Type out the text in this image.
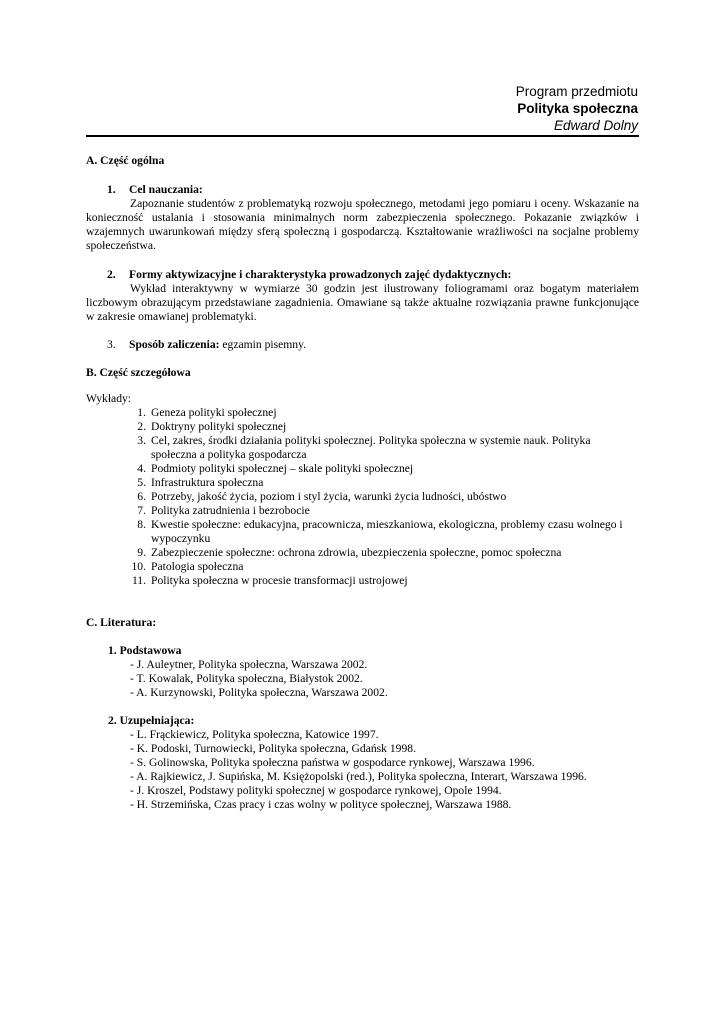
Program przedmiotu
Polityka społeczna
Edward Dolny
A. Część ogólna
1. Cel nauczania:
Zapoznanie studentów z problematyką rozwoju społecznego, metodami jego pomiaru i oceny. Wskazanie na konieczność ustalania i stosowania minimalnych norm zabezpieczenia społecznego. Pokazanie związków i wzajemnych uwarunkowań między sferą społeczną i gospodarczą. Kształtowanie wrażliwości na socjalne problemy społeczeństwa.
2. Formy aktywizacyjne i charakterystyka prowadzonych zajęć dydaktycznych:
Wykład interaktywny w wymiarze 30 godzin jest ilustrowany foliogramami oraz bogatym materiałem liczbowym obrazującym przedstawiane zagadnienia. Omawiane są także aktualne rozwiązania prawne funkcjonujące w zakresie omawianej problematyki.
3. Sposób zaliczenia: egzamin pisemny.
B. Część szczegółowa
Wykłady:
1. Geneza polityki społecznej
2. Doktryny polityki społecznej
3. Cel, zakres, środki działania polityki społecznej. Polityka społeczna w systemie nauk. Polityka społeczna a polityka gospodarcza
4. Podmioty polityki społecznej – skale polityki społecznej
5. Infrastruktura społeczna
6. Potrzeby, jakość życia, poziom i styl życia, warunki życia ludności, ubóstwo
7. Polityka zatrudnienia i bezrobocie
8. Kwestie społeczne: edukacyjna, pracownicza, mieszkaniowa, ekologiczna, problemy czasu wolnego i wypoczynku
9. Zabezpieczenie społeczne: ochrona zdrowia, ubezpieczenia społeczne, pomoc społeczna
10. Patologia społeczna
11. Polityka społeczna w procesie transformacji ustrojowej
C. Literatura:
1. Podstawowa
- J. Auleytner, Polityka społeczna, Warszawa 2002.
- T. Kowalak, Polityka społeczna, Białystok 2002.
- A. Kurzynowski, Polityka społeczna, Warszawa 2002.
2. Uzupełniająca:
- L. Frąckiewicz, Polityka społeczna, Katowice 1997.
- K. Podoski, Turnowiecki, Polityka społeczna, Gdańsk 1998.
- S. Golinowska, Polityka społeczna państwa w gospodarce rynkowej, Warszawa 1996.
- A. Rajkiewicz, J. Supińska, M. Księżopolski (red.), Polityka społeczna, Interart, Warszawa 1996.
- J. Kroszel, Podstawy polityki społecznej w gospodarce rynkowej, Opole 1994.
- H. Strzemińska, Czas pracy i czas wolny w polityce społecznej, Warszawa 1988.
